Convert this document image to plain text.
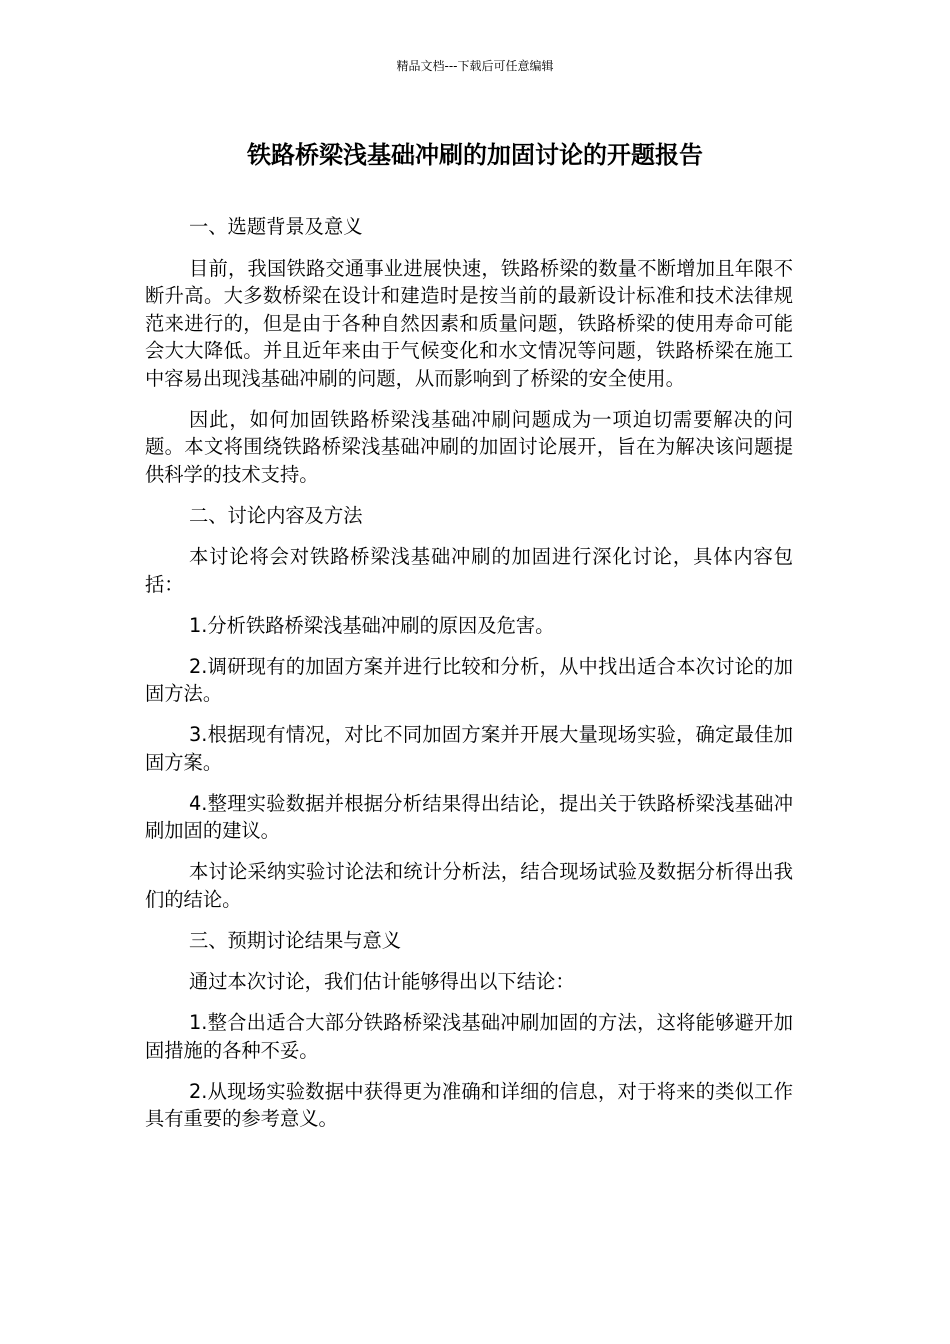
精品文档---下载后可任意编辑
铁路桥梁浅基础冲刷的加固讨论的开题报告

一、选题背景及意义

目前，我国铁路交通事业进展快速，铁路桥梁的数量不断增加且年限不断升高。大多数桥梁在设计和建造时是按当前的最新设计标准和技术法律规范来进行的，但是由于各种自然因素和质量问题，铁路桥梁的使用寿命可能会大大降低。并且近年来由于气候变化和水文情况等问题，铁路桥梁在施工中容易出现浅基础冲刷的问题，从而影响到了桥梁的安全使用。

因此，如何加固铁路桥梁浅基础冲刷问题成为一项迫切需要解决的问题。本文将围绕铁路桥梁浅基础冲刷的加固讨论展开，旨在为解决该问题提供科学的技术支持。

二、讨论内容及方法

本讨论将会对铁路桥梁浅基础冲刷的加固进行深化讨论，具体内容包括：

1.分析铁路桥梁浅基础冲刷的原因及危害。

2.调研现有的加固方案并进行比较和分析，从中找出适合本次讨论的加固方法。

3.根据现有情况，对比不同加固方案并开展大量现场实验，确定最佳加固方案。

4.整理实验数据并根据分析结果得出结论，提出关于铁路桥梁浅基础冲刷加固的建议。

本讨论采纳实验讨论法和统计分析法，结合现场试验及数据分析得出我们的结论。

三、预期讨论结果与意义

通过本次讨论，我们估计能够得出以下结论：

1.整合出适合大部分铁路桥梁浅基础冲刷加固的方法，这将能够避开加固措施的各种不妥。

2.从现场实验数据中获得更为准确和详细的信息，对于将来的类似工作具有重要的参考意义。
